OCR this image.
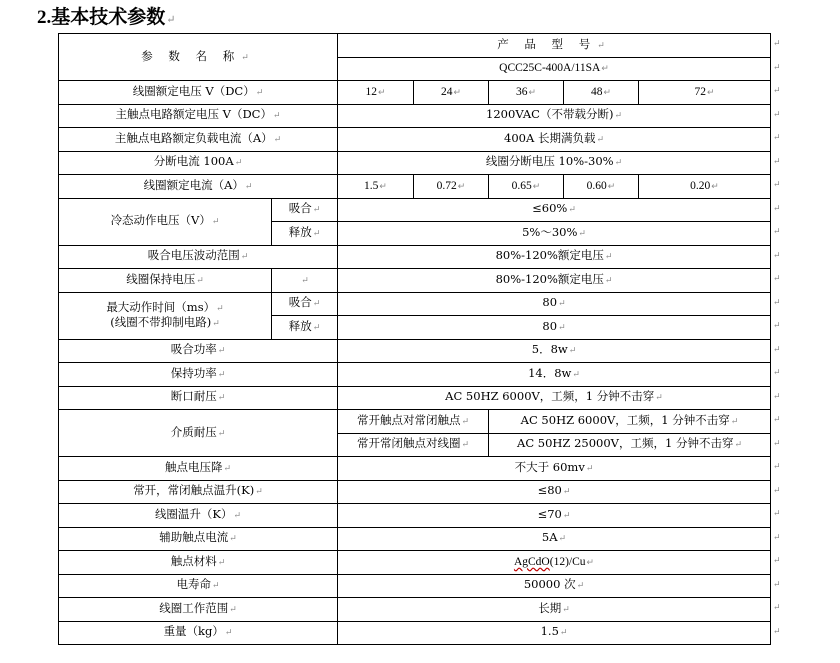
2.基本技术参数↵
参 数 名 称↵		产 品 型 号↵				
		QCC25C-400A/11SA↵				
线圈额定电压 V（DC）↵		12↵	24↵	36↵	48↵	72↵
主触点电路额定电压 V（DC）↵		1200VAC（不带载分断)↵				
主触点电路额定负载电流（A）↵		400A 长期满负载↵				
分断电流 100A↵		线圈分断电压 10%-30%↵				
线圈额定电流（A）↵		1.5↵	0.72↵	0.65↵	0.60↵	0.20↵
冷态动作电压（V）↵	吸合↵	≤60%↵				
	释放↵	5%～30%↵				
吸合电压波动范围↵		80%-120%额定电压↵				
线圈保持电压↵	↵	80%-120%额定电压↵				
最大动作时间（ms）↵
(线圈不带抑制电路)↵	吸合↵	80↵				
	释放↵	80↵				
吸合功率↵		5．8w↵				
保持功率↵		14．8w↵				
断口耐压↵		AC 50HZ 6000V，工频，1 分钟不击穿↵				
介质耐压↵		常开触点对常闭触点↵		AC 50HZ 6000V，工频，1 分钟不击穿↵		
		常开常闭触点对线圈↵		AC 50HZ 25000V，工频，1 分钟不击穿↵		
触点电压降↵		不大于 60mv↵				
常开，常闭触点温升(K)↵		≤80↵				
线圈温升（K）↵		≤70↵				
辅助触点电流↵		5A↵				
触点材料↵		AgCdO(12)/Cu↵				
电寿命↵		50000 次↵				
线圈工作范围↵		长期↵				
重量（kg）↵		1.5↵				
↵
↵
↵
↵
↵
↵
↵
↵
↵
↵
↵
↵
↵
↵
↵
↵
↵
↵
↵
↵
↵
↵
↵
↵
↵
↵
